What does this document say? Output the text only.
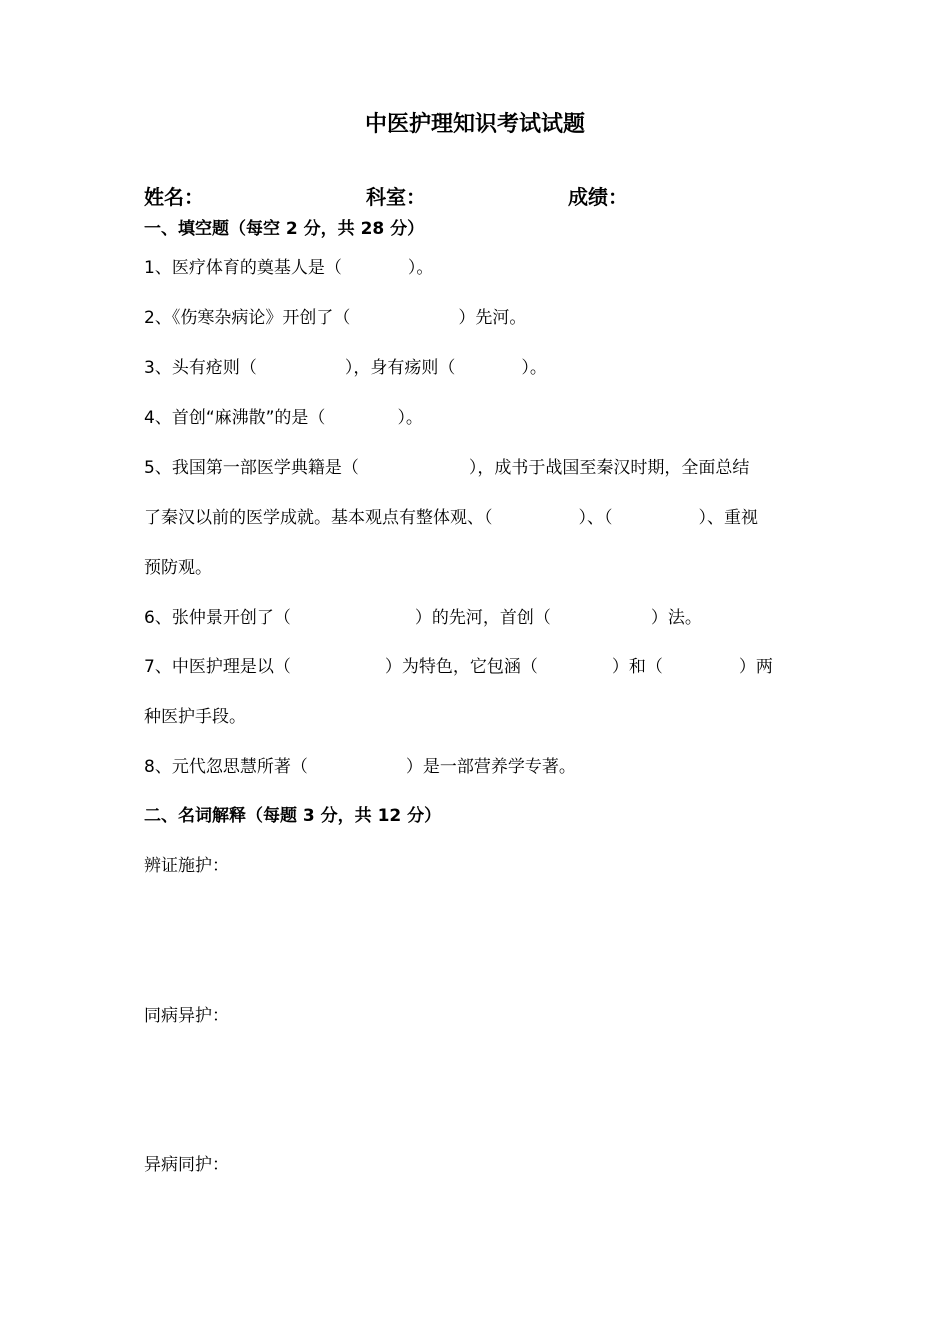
中医护理知识考试试题
姓名：	科室：	成绩：
一、填空题（每空 2 分，共 28 分）
1、医疗体育的奠基人是（	）。
2、《伤寒杂病论》开创了（	）先河。
3、头有疮则（	），身有疡则（	）。
4、首创“麻沸散”的是（	）。
5、我国第一部医学典籍是（	），成书于战国至秦汉时期，全面总结
了秦汉以前的医学成就。基本观点有整体观、（	）、（	）、重视
预防观。
6、张仲景开创了（	）的先河，首创（	）法。
7、中医护理是以（	）为特色，它包涵（	）和（	）两
种医护手段。
8、元代忽思慧所著（	）是一部营养学专著。
二、名词解释（每题 3 分，共 12 分）
辨证施护：
同病异护：
异病同护：
